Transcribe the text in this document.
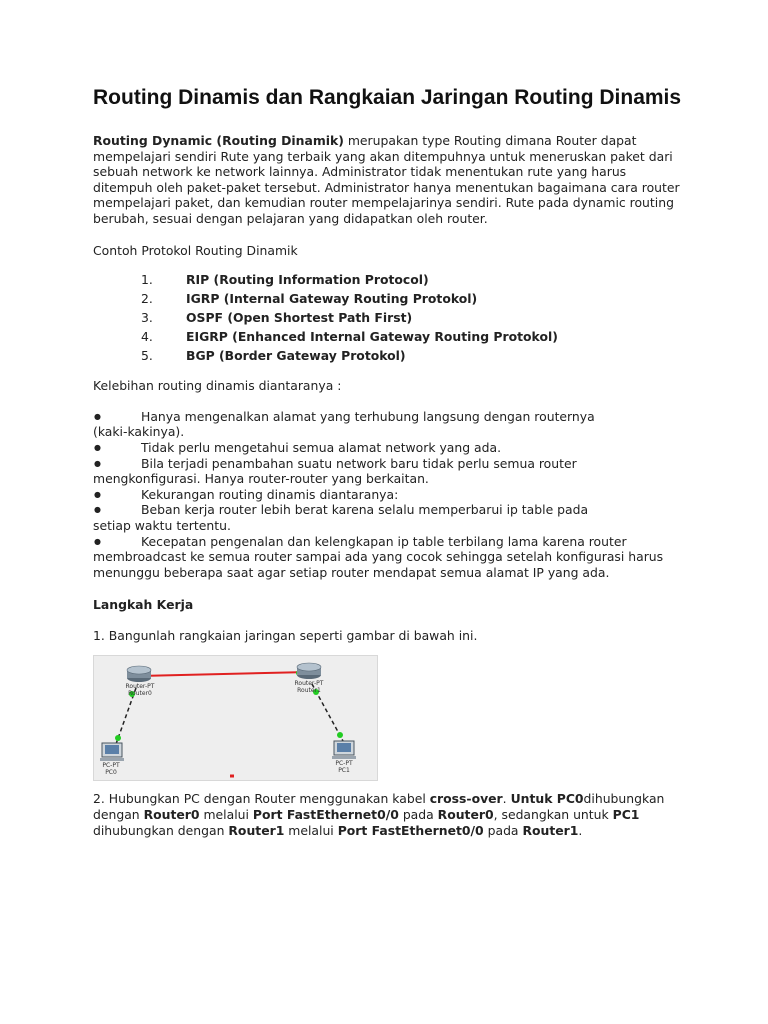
Routing Dinamis dan Rangkaian Jaringan Routing Dinamis

Routing Dynamic (Routing Dinamik) merupakan type Routing dimana Router dapat mempelajari sendiri Rute yang terbaik yang akan ditempuhnya untuk meneruskan paket dari sebuah network ke network lainnya. Administrator tidak menentukan rute yang harus ditempuh oleh paket-paket tersebut. Administrator hanya menentukan bagaimana cara router mempelajari paket, dan kemudian router mempelajarinya sendiri. Rute pada dynamic routing berubah, sesuai dengan pelajaran yang didapatkan oleh router.

Contoh Protokol Routing Dinamik

1.	RIP (Routing Information Protocol)
2.	IGRP (Internal Gateway Routing Protokol)
3.	OSPF (Open Shortest Path First)
4.	EIGRP (Enhanced Internal Gateway Routing Protokol)
5.	BGP (Border Gateway Protokol)

Kelebihan routing dinamis diantaranya :

●	Hanya mengenalkan alamat yang terhubung langsung dengan routernya
(kaki-kakinya).
●	Tidak perlu mengetahui semua alamat network yang ada.
●	Bila terjadi penambahan suatu network baru tidak perlu semua router
mengkonfigurasi. Hanya router-router yang berkaitan.
●	Kekurangan routing dinamis diantaranya:
●	Beban kerja router lebih berat karena selalu memperbarui ip table pada
setiap waktu tertentu.
●	Kecepatan pengenalan dan kelengkapan ip table terbilang lama karena router
membroadcast ke semua router sampai ada yang cocok sehingga setelah konfigurasi harus menunggu beberapa saat agar setiap router mendapat semua alamat IP yang ada.

Langkah Kerja

1. Bangunlah rangkaian jaringan seperti gambar di bawah ini.

Router-PT
Router0
Router-PT
Router1
PC-PT
PC0
PC-PT
PC1

2. Hubungkan PC dengan Router menggunakan kabel cross-over. Untuk PC0dihubungkan dengan Router0 melalui Port FastEthernet0/0 pada Router0, sedangkan untuk PC1 dihubungkan dengan Router1 melalui Port FastEthernet0/0 pada Router1.
